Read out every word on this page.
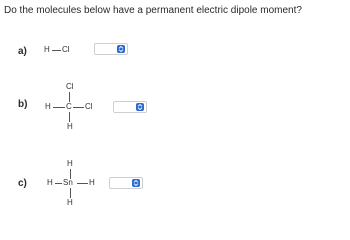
Do the molecules below have a permanent electric dipole moment?
a) H Cl
b)
Cl
H C Cl
H
c)
H
H Sn H
H
